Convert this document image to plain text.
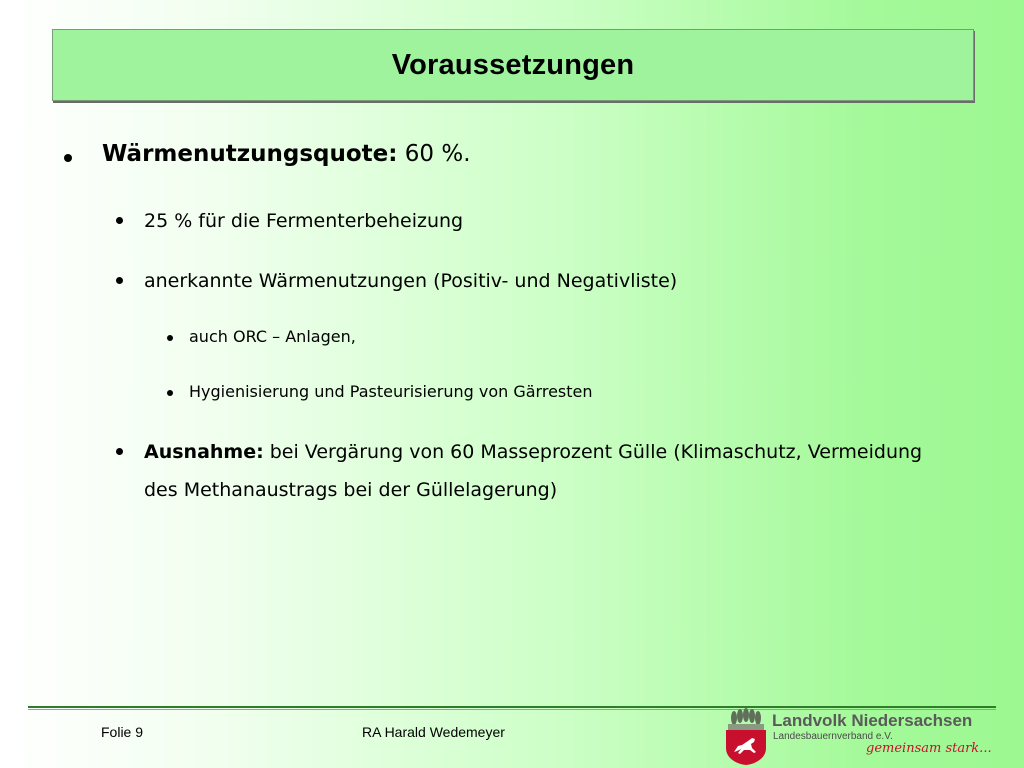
Voraussetzungen
Wärmenutzungsquote: 60 %.
25 % für die Fermenterbeheizung
anerkannte Wärmenutzungen (Positiv- und Negativliste)
auch ORC – Anlagen,
Hygienisierung und Pasteurisierung von Gärresten
Ausnahme: bei Vergärung von 60 Masseprozent Gülle (Klimaschutz, Vermeidung des Methanaustrags bei der Güllelagerung)
Folie 9	RA Harald Wedemeyer
Landvolk Niedersachsen
Landesbauernverband e.V.
gemeinsam stark...
